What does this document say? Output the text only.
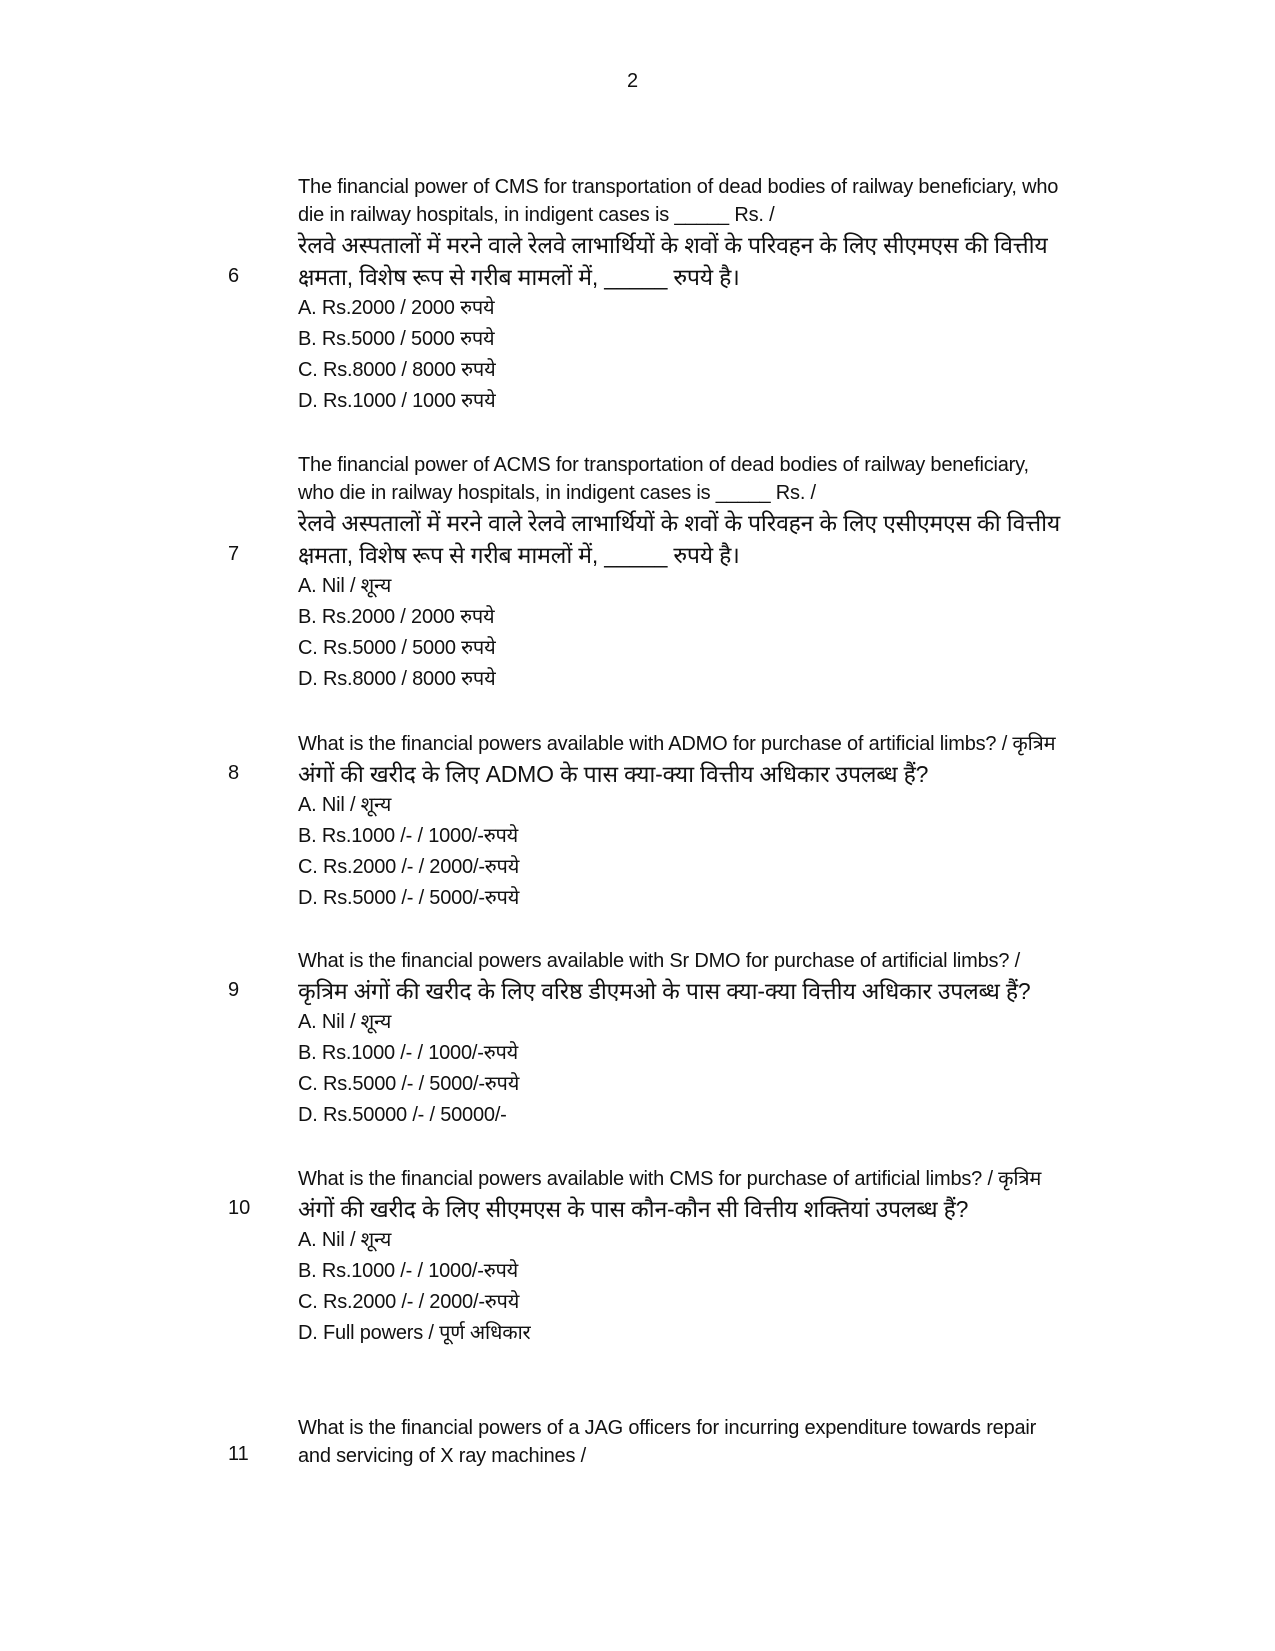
2
6
The financial power of CMS for transportation of dead bodies of railway beneficiary, who
die in railway hospitals, in indigent cases is _____ Rs. /
रेलवे अस्पतालों में मरने वाले रेलवे लाभार्थियों के शवों के परिवहन के लिए सीएमएस की वित्तीय
क्षमता, विशेष रूप से गरीब मामलों में, _____ रुपये है।
A. Rs.2000 / 2000 रुपये
B. Rs.5000 / 5000 रुपये
C. Rs.8000 / 8000 रुपये
D. Rs.1000 / 1000 रुपये
7
The financial power of ACMS for transportation of dead bodies of railway beneficiary,
who die in railway hospitals, in indigent cases is _____ Rs. /
रेलवे अस्पतालों में मरने वाले रेलवे लाभार्थियों के शवों के परिवहन के लिए एसीएमएस की वित्तीय
क्षमता, विशेष रूप से गरीब मामलों में, _____ रुपये है।
A. Nil / शून्य
B. Rs.2000 / 2000 रुपये
C. Rs.5000 / 5000 रुपये
D. Rs.8000 / 8000 रुपये
8
What is the financial powers available with ADMO for purchase of artificial limbs? / कृत्रिम
अंगों की खरीद के लिए ADMO के पास क्या-क्या वित्तीय अधिकार उपलब्ध हैं?
A. Nil / शून्य
B. Rs.1000 /- / 1000/-रुपये
C. Rs.2000 /- / 2000/-रुपये
D. Rs.5000 /- / 5000/-रुपये
9
What is the financial powers available with Sr DMO for purchase of artificial limbs? /
कृत्रिम अंगों की खरीद के लिए वरिष्ठ डीएमओ के पास क्या-क्या वित्तीय अधिकार उपलब्ध हैं?
A. Nil / शून्य
B. Rs.1000 /- / 1000/-रुपये
C. Rs.5000 /- / 5000/-रुपये
D. Rs.50000 /- / 50000/-
10
What is the financial powers available with CMS for purchase of artificial limbs? / कृत्रिम
अंगों की खरीद के लिए सीएमएस के पास कौन-कौन सी वित्तीय शक्तियां उपलब्ध हैं?
A. Nil / शून्य
B. Rs.1000 /- / 1000/-रुपये
C. Rs.2000 /- / 2000/-रुपये
D. Full powers / पूर्ण अधिकार
11
What is the financial powers of a JAG officers for incurring expenditure towards repair
and servicing of X ray machines /
